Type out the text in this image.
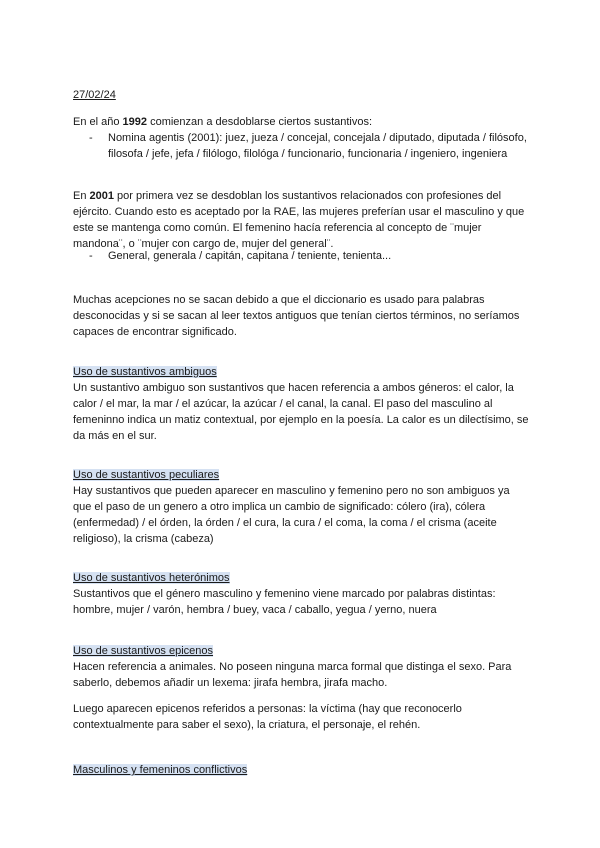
27/02/24

En el año 1992 comienzan a desdoblarse ciertos sustantivos:

- Nomina agentis (2001): juez, jueza / concejal, concejala / diputado, diputada / filósofo, filosofa / jefe, jefa / filólogo, filológa / funcionario, funcionaria / ingeniero, ingeniera

En 2001 por primera vez se desdoblan los sustantivos relacionados con profesiones del ejército. Cuando esto es aceptado por la RAE, las mujeres preferían usar el masculino y que este se mantenga como común. El femenino hacía referencia al concepto de ¨mujer mandona¨, o ¨mujer con cargo de, mujer del general¨.

- General, generala / capitán, capitana / teniente, tenienta...

Muchas acepciones no se sacan debido a que el diccionario es usado para palabras desconocidas y si se sacan al leer textos antiguos que tenían ciertos términos, no seríamos capaces de encontrar significado.

Uso de sustantivos ambiguos

Un sustantivo ambiguo son sustantivos que hacen referencia a ambos géneros: el calor, la calor / el mar, la mar / el azúcar, la azúcar / el canal, la canal. El paso del masculino al femeninno indica un matiz contextual, por ejemplo en la poesía. La calor es un dilectísimo, se da más en el sur.

Uso de sustantivos peculiares

Hay sustantivos que pueden aparecer en masculino y femenino pero no son ambiguos ya que el paso de un genero a otro implica un cambio de significado: cólero (ira), cólera (enfermedad) / el órden, la órden / el cura, la cura / el coma, la coma / el crisma (aceite religioso), la crisma (cabeza)

Uso de sustantivos heterónimos

Sustantivos que el género masculino y femenino viene marcado por palabras distintas: hombre, mujer / varón, hembra / buey, vaca / caballo, yegua / yerno, nuera

Uso de sustantivos epicenos

Hacen referencia a animales. No poseen ninguna marca formal que distinga el sexo. Para saberlo, debemos añadir un lexema: jirafa hembra, jirafa macho.

Luego aparecen epicenos referidos a personas: la víctima (hay que reconocerlo contextualmente para saber el sexo), la criatura, el personaje, el rehén.

Masculinos y femeninos conflictivos
